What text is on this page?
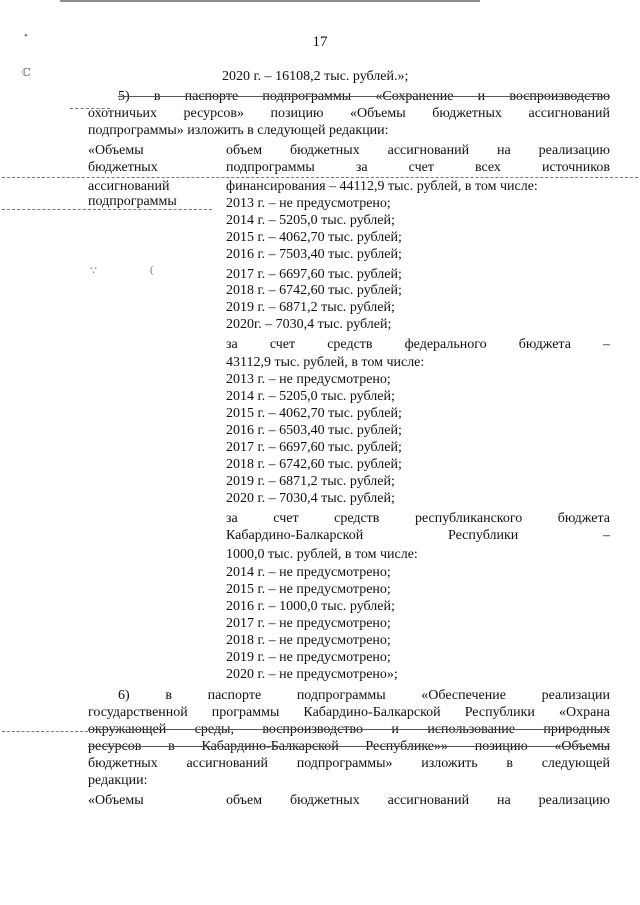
17
•
ℂ
∵	(
2020 г. – 16108,2 тыс. рублей.»;
5) в паспорте подпрограммы «Сохранение и воспроизводство
охотничьих ресурсов» позицию «Объемы бюджетных ассигнований
подпрограммы» изложить в следующей редакции:
«Объемы
бюджетных
ассигнований
подпрограммы
объем бюджетных ассигнований на реализацию
подпрограммы за счет всех источников
финансирования – 44112,9 тыс. рублей, в том числе:
2013 г. – не предусмотрено;
2014 г. – 5205,0 тыс. рублей;
2015 г. – 4062,70 тыс. рублей;
2016 г. – 7503,40 тыс. рублей;
2017 г. – 6697,60 тыс. рублей;
2018 г. – 6742,60 тыс. рублей;
2019 г. – 6871,2 тыс. рублей;
2020г. – 7030,4 тыс. рублей;
за счет средств федерального бюджета –
43112,9 тыс. рублей, в том числе:
2013 г. – не предусмотрено;
2014 г. – 5205,0 тыс. рублей;
2015 г. – 4062,70 тыс. рублей;
2016 г. – 6503,40 тыс. рублей;
2017 г. – 6697,60 тыс. рублей;
2018 г. – 6742,60 тыс. рублей;
2019 г. – 6871,2 тыс. рублей;
2020 г. – 7030,4 тыс. рублей;
за счет средств республиканского бюджета
Кабардино-Балкарской Республики –
1000,0 тыс. рублей, в том числе:
2014 г. – не предусмотрено;
2015 г. – не предусмотрено;
2016 г. – 1000,0 тыс. рублей;
2017 г. – не предусмотрено;
2018 г. – не предусмотрено;
2019 г. – не предусмотрено;
2020 г. – не предусмотрено»;
6) в паспорте подпрограммы «Обеспечение реализации
государственной программы Кабардино-Балкарской Республики «Охрана
окружающей среды, воспроизводство и использование природных
ресурсов в Кабардино-Балкарской Республике»» позицию «Объемы
бюджетных ассигнований подпрограммы» изложить в следующей
редакции:
«Объемы	объем бюджетных ассигнований на реализацию
